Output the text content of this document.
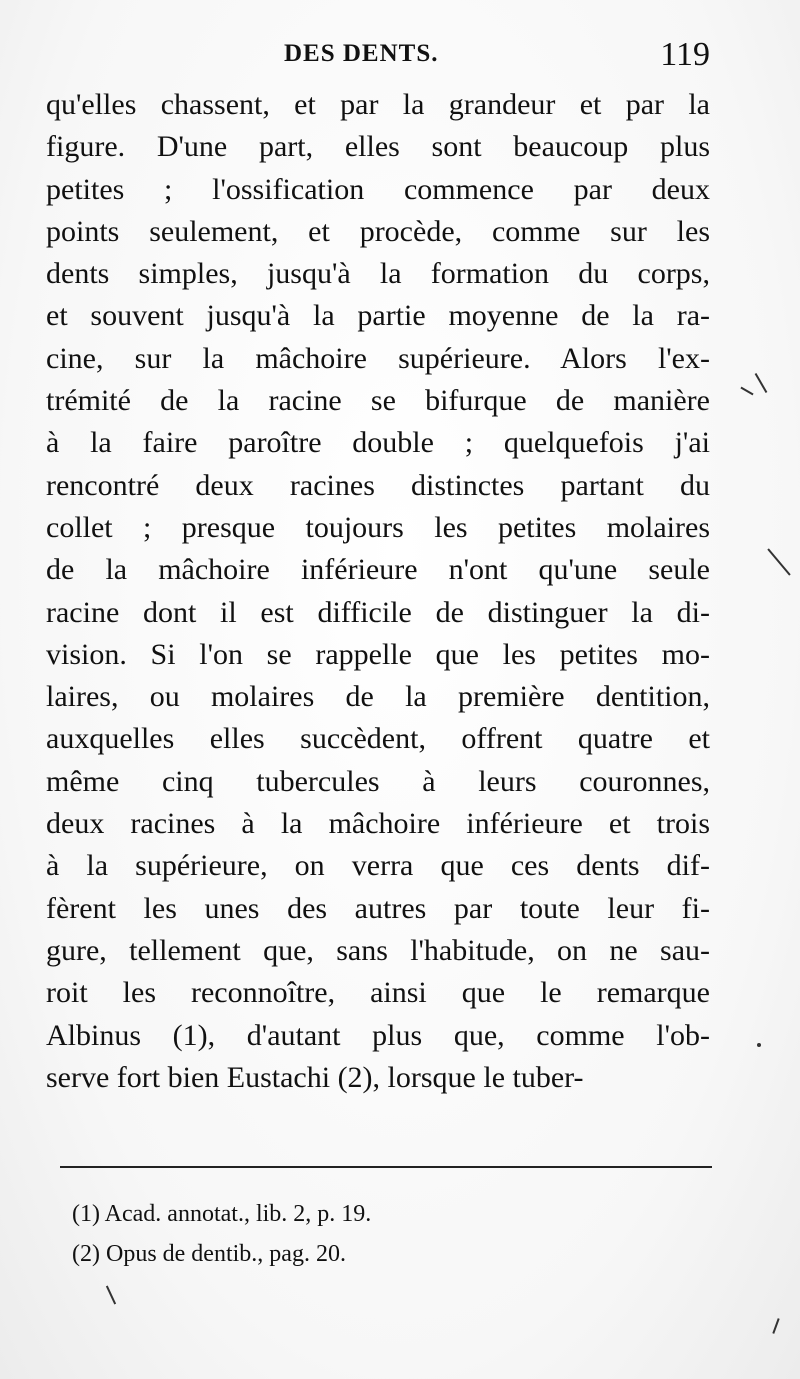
DES DENTS.	119
qu'elles chassent, et par la grandeur et par la
figure. D'une part, elles sont beaucoup plus
petites ; l'ossification commence par deux
points seulement, et procède, comme sur les
dents simples, jusqu'à la formation du corps,
et souvent jusqu'à la partie moyenne de la ra-
cine, sur la mâchoire supérieure. Alors l'ex-
trémité de la racine se bifurque de manière
à la faire paroître double ; quelquefois j'ai
rencontré deux racines distinctes partant du
collet ; presque toujours les petites molaires
de la mâchoire inférieure n'ont qu'une seule
racine dont il est difficile de distinguer la di-
vision. Si l'on se rappelle que les petites mo-
laires, ou molaires de la première dentition,
auxquelles elles succèdent, offrent quatre et
même cinq tubercules à leurs couronnes,
deux racines à la mâchoire inférieure et trois
à la supérieure, on verra que ces dents dif-
fèrent les unes des autres par toute leur fi-
gure, tellement que, sans l'habitude, on ne sau-
roit les reconnoître, ainsi que le remarque
Albinus (1), d'autant plus que, comme l'ob-
serve fort bien Eustachi (2), lorsque le tuber-
(1) Acad. annotat., lib. 2, p. 19.
(2) Opus de dentib., pag. 20.
